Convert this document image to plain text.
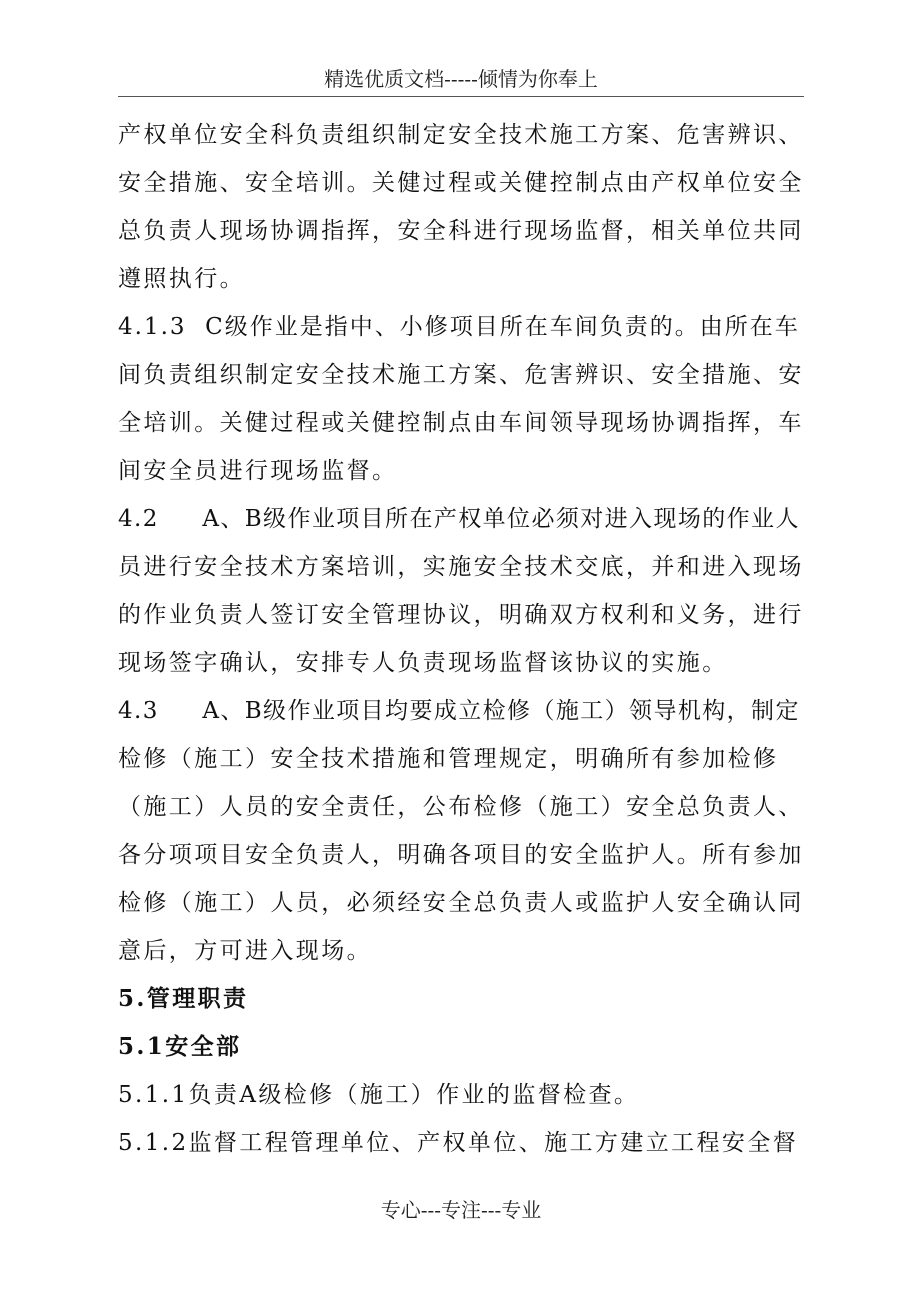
精选优质文档-----倾情为你奉上
产权单位安全科负责组织制定安全技术施工方案、危害辨识、
安全措施、安全培训。关健过程或关健控制点由产权单位安全
总负责人现场协调指挥，安全科进行现场监督，相关单位共同
遵照执行。
4.1.3  C级作业是指中、小修项目所在车间负责的。由所在车
间负责组织制定安全技术施工方案、危害辨识、安全措施、安
全培训。关健过程或关健控制点由车间领导现场协调指挥，车
间安全员进行现场监督。
4.2     A、B级作业项目所在产权单位必须对进入现场的作业人
员进行安全技术方案培训，实施安全技术交底，并和进入现场
的作业负责人签订安全管理协议，明确双方权利和义务，进行
现场签字确认，安排专人负责现场监督该协议的实施。
4.3     A、B级作业项目均要成立检修（施工）领导机构，制定
检修（施工）安全技术措施和管理规定，明确所有参加检修
（施工）人员的安全责任，公布检修（施工）安全总负责人、
各分项项目安全负责人，明确各项目的安全监护人。所有参加
检修（施工）人员，必须经安全总负责人或监护人安全确认同
意后，方可进入现场。
5.管理职责
5.1安全部
5.1.1负责A级检修（施工）作业的监督检查。
5.1.2监督工程管理单位、产权单位、施工方建立工程安全督
专心---专注---专业
